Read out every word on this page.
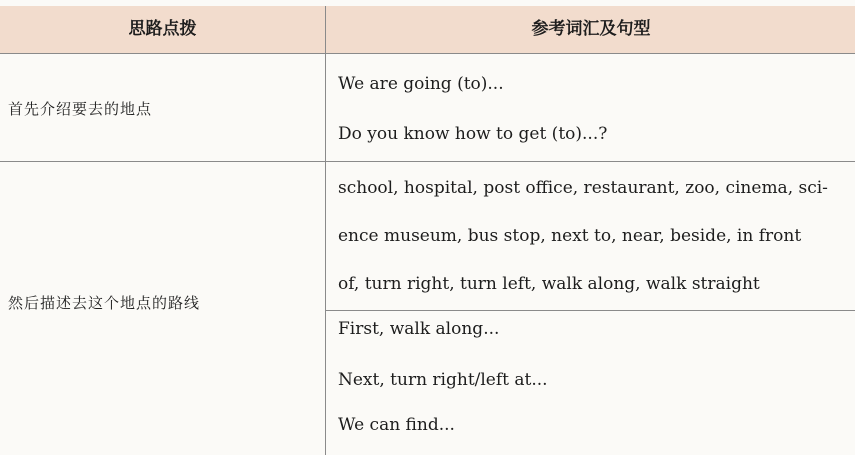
思路点拨	参考词汇及句型
首先介绍要去的地点
We are going (to)...
Do you know how to get (to)...?
然后描述去这个地点的路线
school, hospital, post office, restaurant, zoo, cinema, sci-
ence museum, bus stop, next to, near, beside, in front
of, turn right, turn left, walk along, walk straight
First, walk along...
Next, turn right/left at...
We can find...
